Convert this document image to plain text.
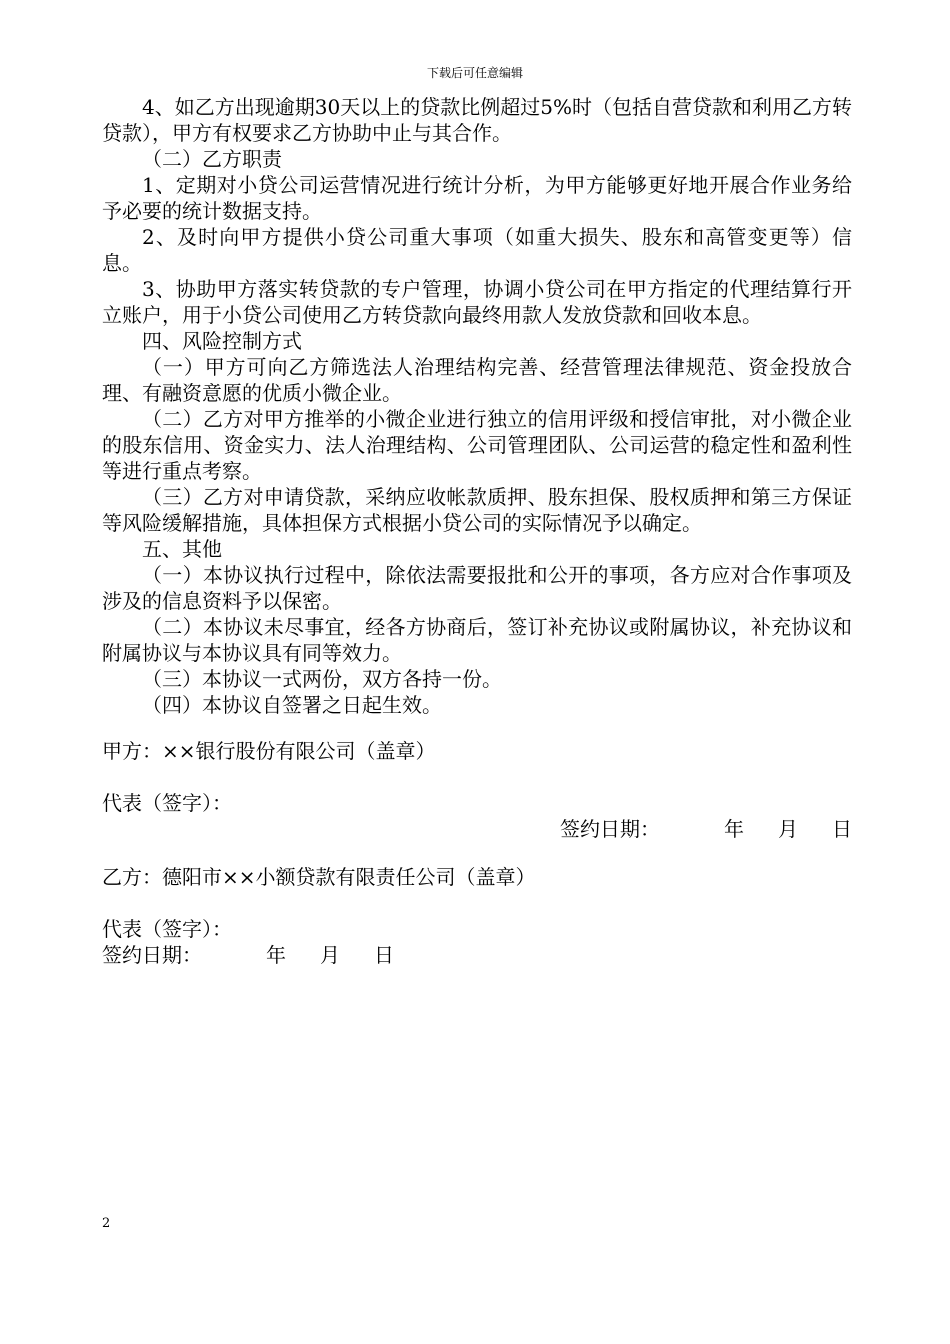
下载后可任意编辑

4、如乙方出现逾期30天以上的贷款比例超过5%时（包括自营贷款和利用乙方转贷款），甲方有权要求乙方协助中止与其合作。

（二）乙方职责

1、定期对小贷公司运营情况进行统计分析，为甲方能够更好地开展合作业务给予必要的统计数据支持。

2、及时向甲方提供小贷公司重大事项（如重大损失、股东和高管变更等）信息。

3、协助甲方落实转贷款的专户管理，协调小贷公司在甲方指定的代理结算行开立账户，用于小贷公司使用乙方转贷款向最终用款人发放贷款和回收本息。

四、风险控制方式

（一）甲方可向乙方筛选法人治理结构完善、经营管理法律规范、资金投放合理、有融资意愿的优质小微企业。

（二）乙方对甲方推举的小微企业进行独立的信用评级和授信审批，对小微企业的股东信用、资金实力、法人治理结构、公司管理团队、公司运营的稳定性和盈利性等进行重点考察。

（三）乙方对申请贷款，采纳应收帐款质押、股东担保、股权质押和第三方保证等风险缓解措施，具体担保方式根据小贷公司的实际情况予以确定。

五、其他

（一）本协议执行过程中，除依法需要报批和公开的事项，各方应对合作事项及涉及的信息资料予以保密。

（二）本协议未尽事宜，经各方协商后，签订补充协议或附属协议，补充协议和附属协议与本协议具有同等效力。

（三）本协议一式两份，双方各持一份。

（四）本协议自签署之日起生效。

甲方：××银行股份有限公司（盖章）
代表（签字）：
签约日期：	年 月 日
乙方：德阳市××小额贷款有限责任公司（盖章）
代表（签字）：
签约日期：	年 月 日
2
